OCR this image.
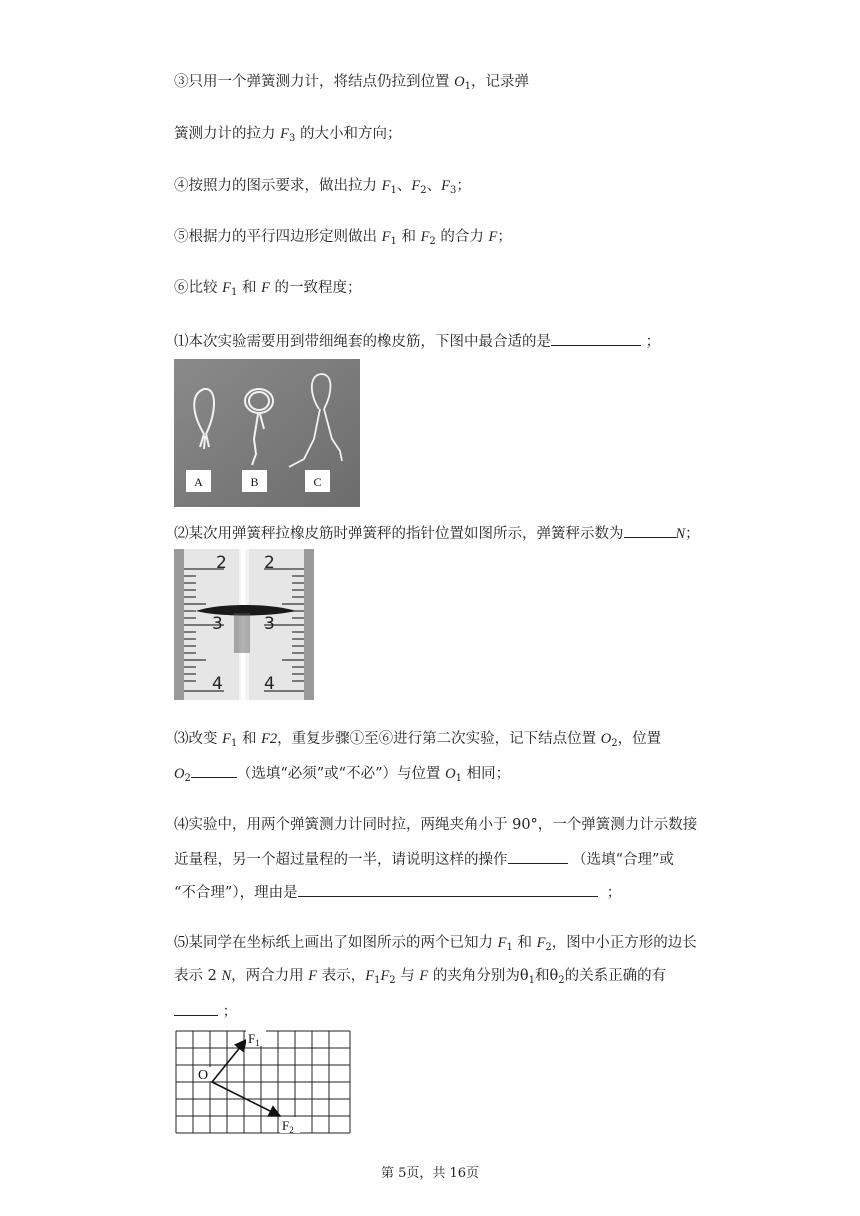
③只用一个弹簧测力计，将结点仍拉到位置 $O_1$，记录弹
簧测力计的拉力 $F_3$ 的大小和方向；
④按照力的图示要求，做出拉力 $F_1$、$F_2$、$F_3$；
⑤根据力的平行四边形定则做出 $F_1$ 和 $F_2$ 的合力 F；
⑥比较 $F_1$ 和 F 的一致程度；
⑴本次实验需要用到带细绳套的橡皮筋，下图中最合适的是	；
A	B	C
⑵某次用弹簧秤拉橡皮筋时弹簧秤的指针位置如图所示，弹簧秤示数为	N；
2 2
3 3
4 4
⑶改变 $F_1$ 和 F2，重复步骤①至⑥进行第二次实验，记下结点位置 $O_2$，位置
$O_2$	（选填“必须”或“不必”）与位置 $O_1$ 相同；
⑷实验中，用两个弹簧测力计同时拉，两绳夹角小于 90°，一个弹簧测力计示数接
近量程，另一个超过量程的一半，请说明这样的操作	（选填“合理”或
“不合理”），理由是	；
⑸某同学在坐标纸上画出了如图所示的两个已知力 $F_1$ 和 $F_2$，图中小正方形的边长
表示 2 N，两合力用 F 表示，$F_1F_2$ 与 F 的夹角分别为$\theta_1$和$\theta_2$的关系正确的有
；
O
$F_1$
$F_2$
第 5页，共 16页
